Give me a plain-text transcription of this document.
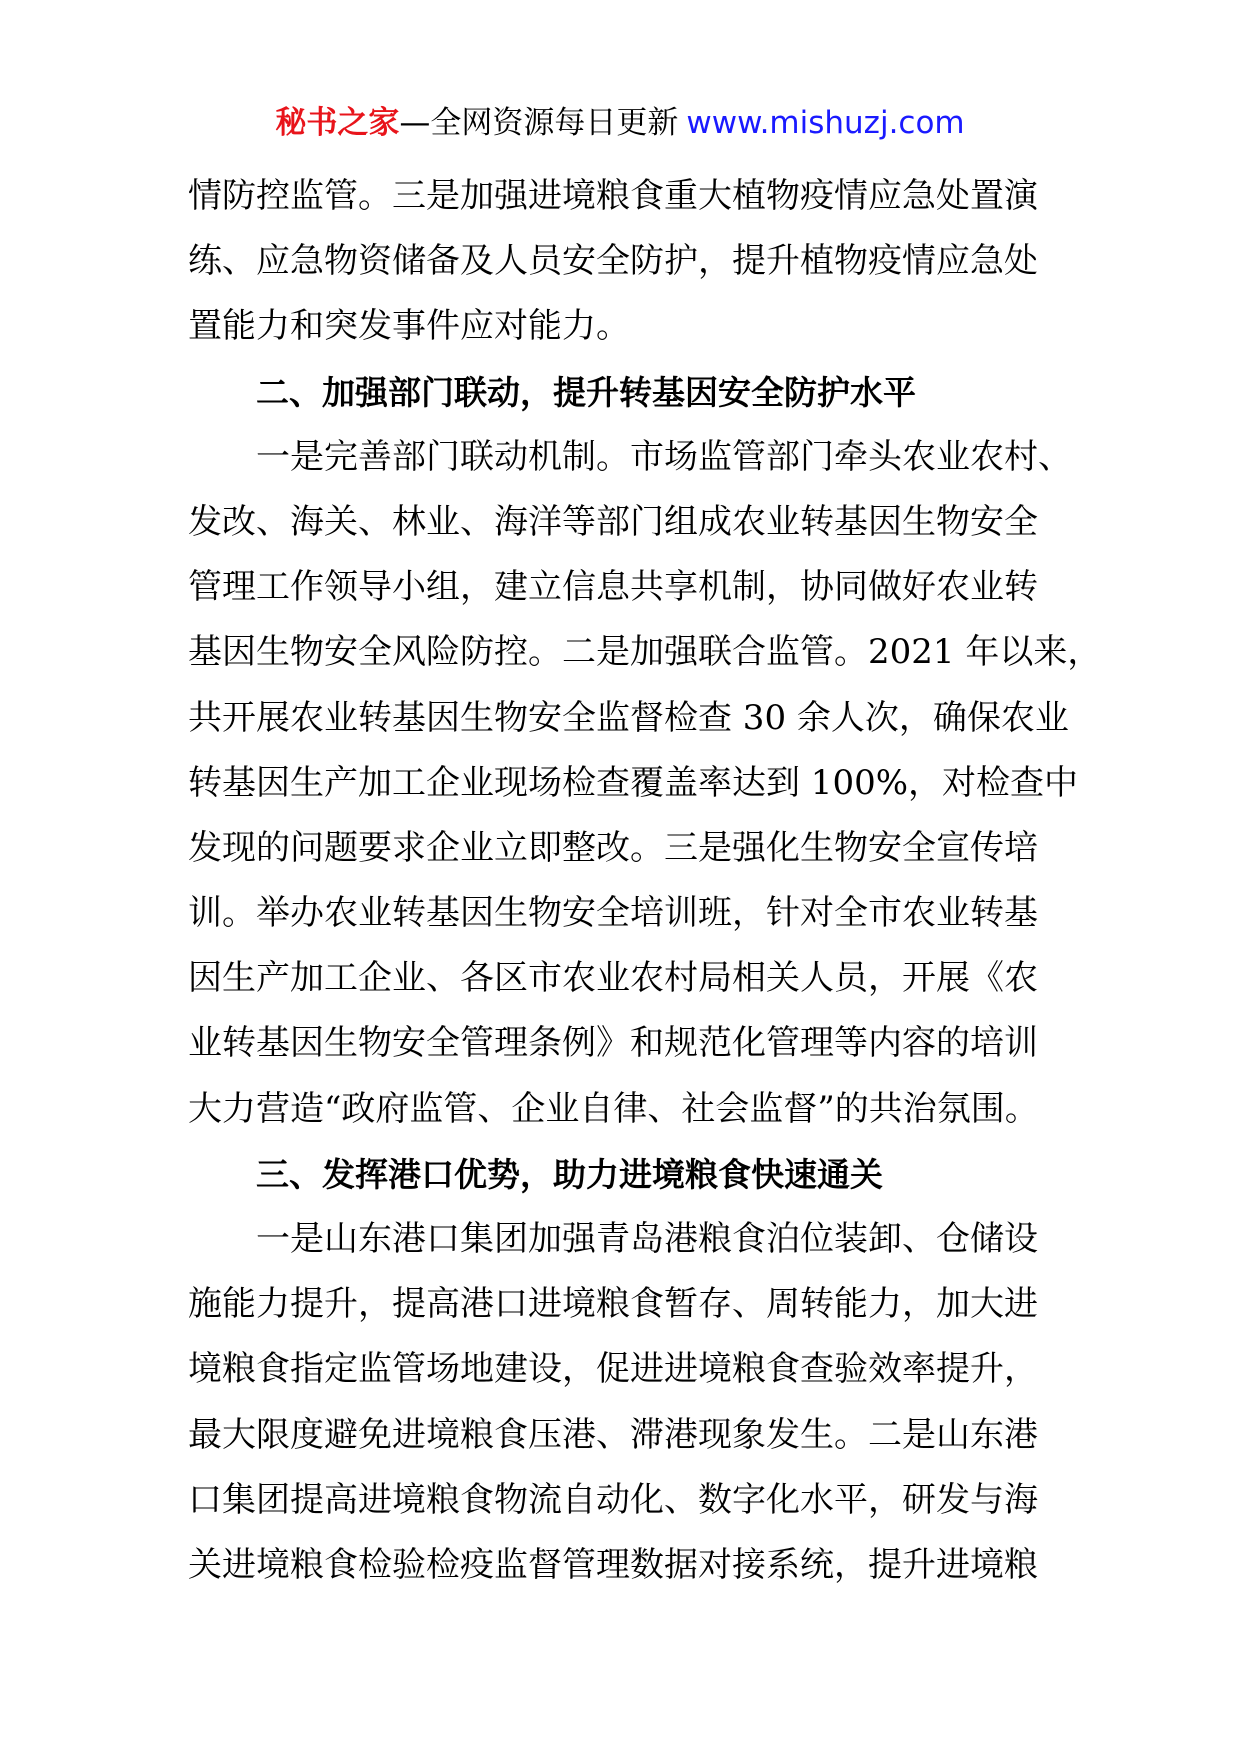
秘书之家—全网资源每日更新 www.mishuzj.com

情防控监管。三是加强进境粮食重大植物疫情应急处置演

练、应急物资储备及人员安全防护，提升植物疫情应急处

置能力和突发事件应对能力。

二、加强部门联动，提升转基因安全防护水平

一是完善部门联动机制。市场监管部门牵头农业农村、

发改、海关、林业、海洋等部门组成农业转基因生物安全

管理工作领导小组，建立信息共享机制，协同做好农业转

基因生物安全风险防控。二是加强联合监管。2021 年以来，

共开展农业转基因生物安全监督检查 30 余人次，确保农业

转基因生产加工企业现场检查覆盖率达到 100%，对检查中

发现的问题要求企业立即整改。三是强化生物安全宣传培

训。举办农业转基因生物安全培训班，针对全市农业转基

因生产加工企业、各区市农业农村局相关人员，开展《农

业转基因生物安全管理条例》和规范化管理等内容的培训

大力营造“政府监管、企业自律、社会监督”的共治氛围。

三、发挥港口优势，助力进境粮食快速通关

一是山东港口集团加强青岛港粮食泊位装卸、仓储设

施能力提升，提高港口进境粮食暂存、周转能力，加大进

境粮食指定监管场地建设，促进进境粮食查验效率提升，

最大限度避免进境粮食压港、滞港现象发生。二是山东港

口集团提高进境粮食物流自动化、数字化水平，研发与海

关进境粮食检验检疫监督管理数据对接系统，提升进境粮
